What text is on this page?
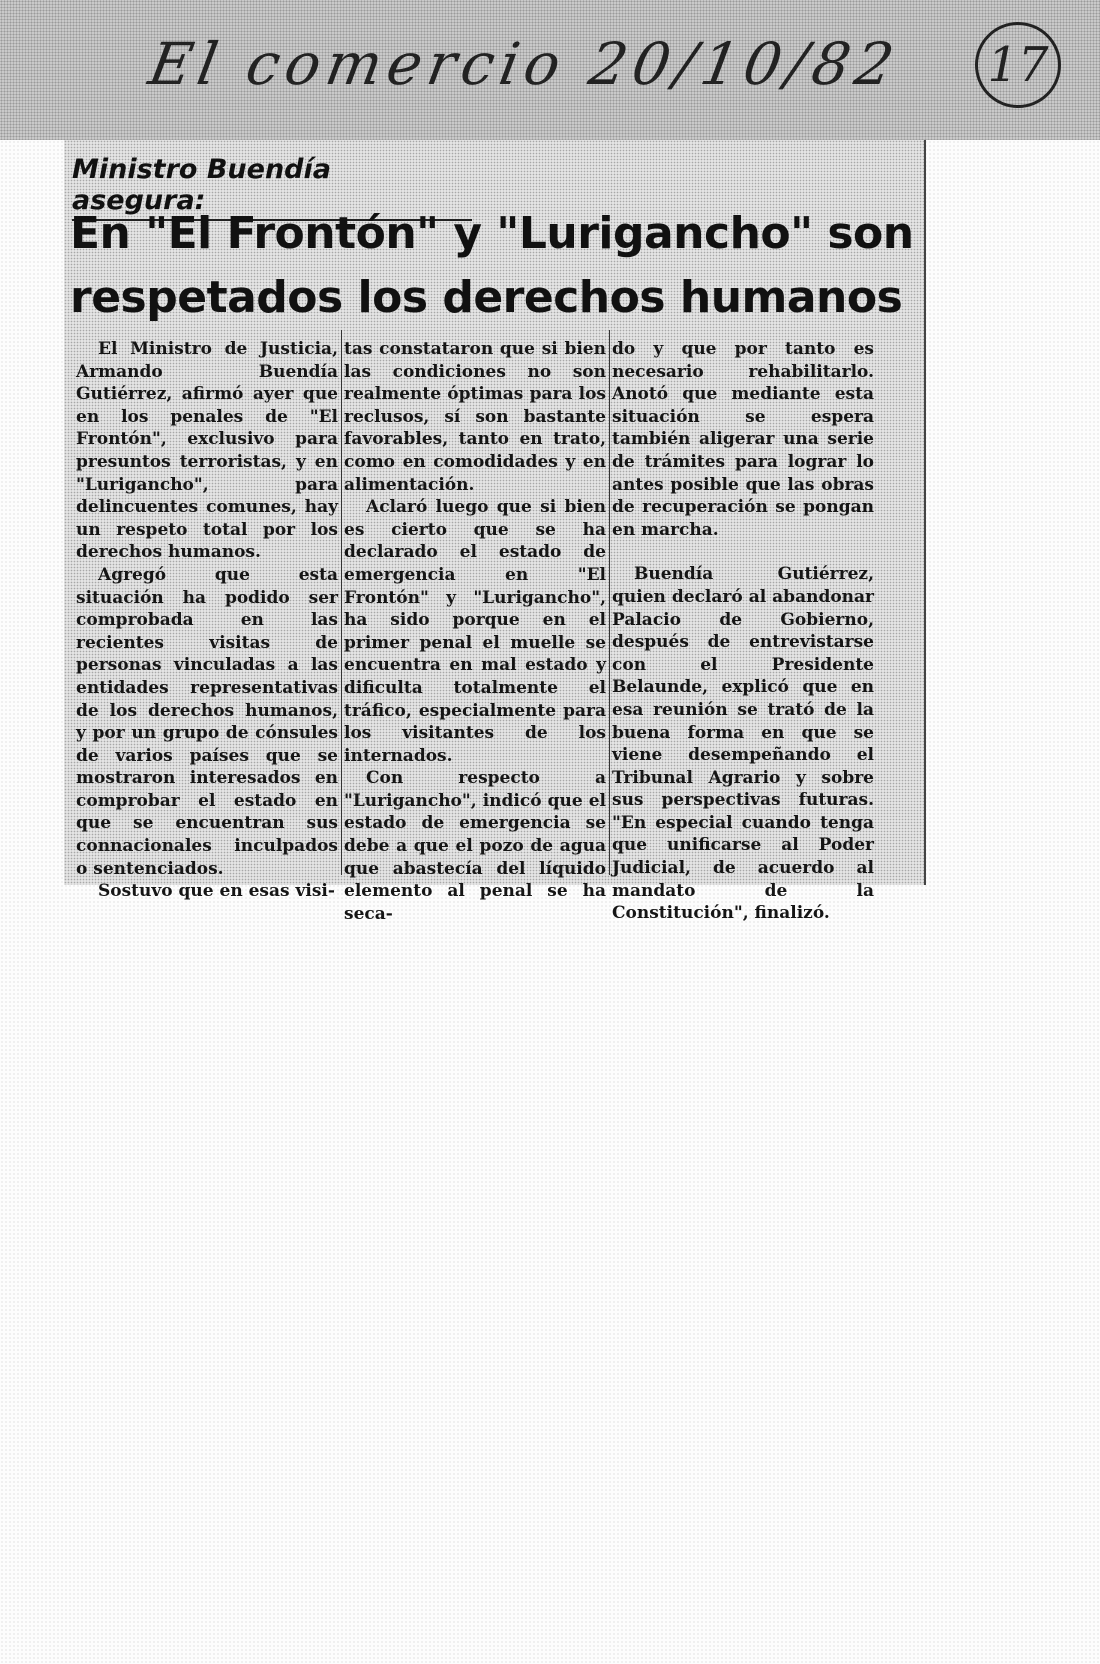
El comercio 20/10/82 17
Ministro Buendía asegura:
En "El Frontón" y "Lurigancho" son respetados los derechos humanos

El Ministro de Justicia, Armando Buendía Gutiérrez, afirmó ayer que en los penales de "El Frontón", exclusivo para presuntos terroristas, y en "Lurigancho", para delincuentes comunes, hay un respeto total por los derechos humanos.

Agregó que esta situación ha podido ser comprobada en las recientes visitas de personas vinculadas a las entidades representativas de los derechos humanos, y por un grupo de cónsules de varios países que se mostraron interesados en comprobar el estado en que se encuentran sus connacionales inculpados o sentenciados.

Sostuvo que en esas visi-

tas constataron que si bien las condiciones no son realmente óptimas para los reclusos, sí son bastante favorables, tanto en trato, como en comodidades y en alimentación.

Aclaró luego que si bien es cierto que se ha declarado el estado de emergencia en "El Frontón" y "Lurigancho", ha sido porque en el primer penal el muelle se encuentra en mal estado y dificulta totalmente el tráfico, especialmente para los visitantes de los internados.

Con respecto a "Lurigancho", indicó que el estado de emergencia se debe a que el pozo de agua que abastecía del líquido elemento al penal se ha seca-

do y que por tanto es necesario rehabilitarlo. Anotó que mediante esta situación se espera también aligerar una serie de trámites para lograr lo antes posible que las obras de recuperación se pongan en marcha.

Buendía Gutiérrez, quien declaró al abandonar Palacio de Gobierno, después de entrevistarse con el Presidente Belaunde, explicó que en esa reunión se trató de la buena forma en que se viene desempeñando el Tribunal Agrario y sobre sus perspectivas futuras. "En especial cuando tenga que unificarse al Poder Judicial, de acuerdo al mandato de la Constitución", finalizó.
